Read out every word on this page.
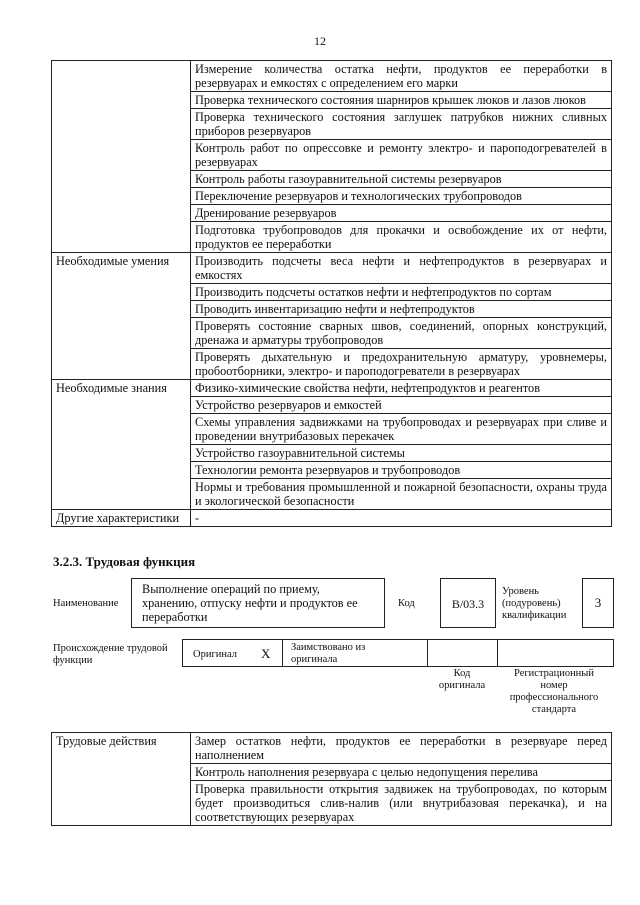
12
	Измерение количества остатка нефти, продуктов ее переработки в резервуарах и емкостях с определением его марки
	Проверка технического состояния шарниров крышек люков и лазов люков
	Проверка технического состояния заглушек патрубков нижних сливных приборов резервуаров
	Контроль работ по опрессовке и ремонту электро- и пароподогревателей в резервуарах
	Контроль работы газоуравнительной системы резервуаров
	Переключение резервуаров и технологических трубопроводов
	Дренирование резервуаров
	Подготовка трубопроводов для прокачки и освобождение их от нефти, продуктов ее переработки
Необходимые умения	Производить подсчеты веса нефти и нефтепродуктов в резервуарах и емкостях
	Производить подсчеты остатков нефти и нефтепродуктов по сортам
	Проводить инвентаризацию нефти и нефтепродуктов
	Проверять состояние сварных швов, соединений, опорных конструкций, дренажа и арматуры трубопроводов
	Проверять дыхательную и предохранительную арматуру, уровнемеры, пробоотборники, электро- и пароподогреватели в резервуарах
Необходимые знания	Физико-химические свойства нефти, нефтепродуктов и реагентов
	Устройство резервуаров и емкостей
	Схемы управления задвижками на трубопроводах и резервуарах при сливе и проведении внутрибазовых перекачек
	Устройство газоуравнительной системы
	Технологии ремонта резервуаров и трубопроводов
	Нормы и требования промышленной и пожарной безопасности, охраны труда и экологической безопасности
Другие характеристики	-
3.2.3. Трудовая функция
Наименование
Выполнение операций по приему, хранению, отпуску нефти и продуктов ее переработки
Код	B/03.3
Уровень (подуровень) квалификации
3
Происхождение трудовой функции
Оригинал X Заимствовано из оригинала
Код оригинала
Регистрационный номер профессионального стандарта
Трудовые действия	Замер остатков нефти, продуктов ее переработки в резервуаре перед наполнением
Контроль наполнения резервуара с целью недопущения перелива
Проверка правильности открытия задвижек на трубопроводах, по которым будет производиться слив-налив (или внутрибазовая перекачка), и на соответствующих резервуарах
